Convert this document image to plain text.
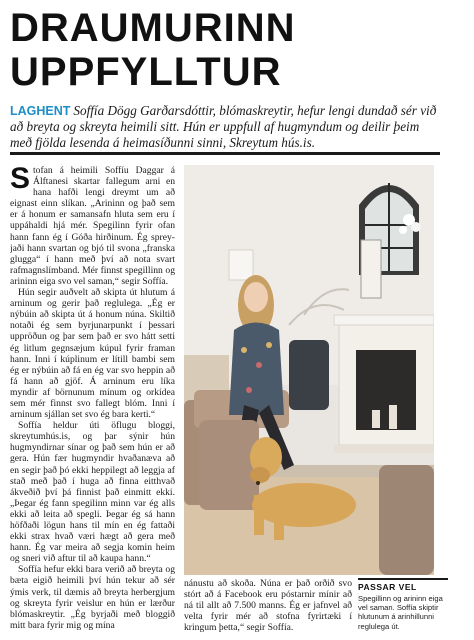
DRAUMURINN
UPPFYLLTUR

LAGHENT Soffía Dögg Garðarsdóttir, blómaskreytir, hefur lengi dundað sér við að breyta og skreyta heimili sitt. Hún er uppfull af hugmyndum og deilir þeim með fjölda lesenda á heimasíðunni sinni, Skreytum hús.is.

Stofan á heimili Soffíu Daggar á Álftanesi skartar fallegum arni en hana hafði lengi dreymt um að eignast einn slíkan. „Arininn og það sem er á honum er samansafn hluta sem eru í uppáhaldi hjá mér. Spegilinn fyrir ofan hann fann ég í Góða hirðinum. Ég spreyjaði hann svartan og bjó til svona „franska glugga“ í hann með því að nota svart rafmagnslímband. Mér finnst spegillinn og arininn eiga svo vel saman,“ segir Soffía.

Hún segir auðvelt að skipta út hlutum á arninum og gerir það reglulega. „Ég er nýbúin að skipta út á honum núna. Skiltið notaði ég sem byrjunarpunkt í þessari uppröðun og þar sem það er svo hátt setti ég litlum gegnsæjum kúpul fyrir framan hann. Inni í kúplinum er lítill bambi sem ég er nýbúin að fá en ég var svo heppin að fá hann að gjöf. Á arninum eru líka myndir af börnunum mínum og orkídea sem mér finnst svo fallegt blóm. Inni í arninum sjállan set svo ég bara kerti.“

Soffía heldur úti öflugu bloggi, skreytumhús.is, og þar sýnir hún hugmyndirnar sínar og það sem hún er að gera. Hún fær hugmyndir hvaðanæva að en segir það þó ekki heppilegt að leggja af stað með það í huga að finna eitthvað ákveðið því þá finnist það einmitt ekki. „Þegar ég fann spegilinn minn var ég alls ekki að leita að spegli. Þegar ég sá hann höfðaði lögun hans til mín en ég fattaði ekki strax hvað væri hægt að gera með hann. Ég var meira að segja komin heim og sneri við aftur til að kaupa hann.“

Soffía hefur ekki bara verið að breyta og bæta eigið heimili því hún tekur að sér ýmis verk, til dæmis að breyta herbergjum og skreyta fyrir veislur en hún er lærður blómaskreytir. „Ég byrjaði með bloggið mitt bara fyrir mig og mína

nánustu að skoða. Núna er það orðið svo stórt að á Facebook eru póstarnir mínir að ná til allt að 7.500 manns. Ég er jafnvel að velta fyrir mér að stofna fyrirtæki í kringum þetta,“ segir Soffía.

PASSAR VEL
Spegillinn og arininn eiga vel saman. Soffía skiptir hlutunum á arinhillunni reglulega út.
